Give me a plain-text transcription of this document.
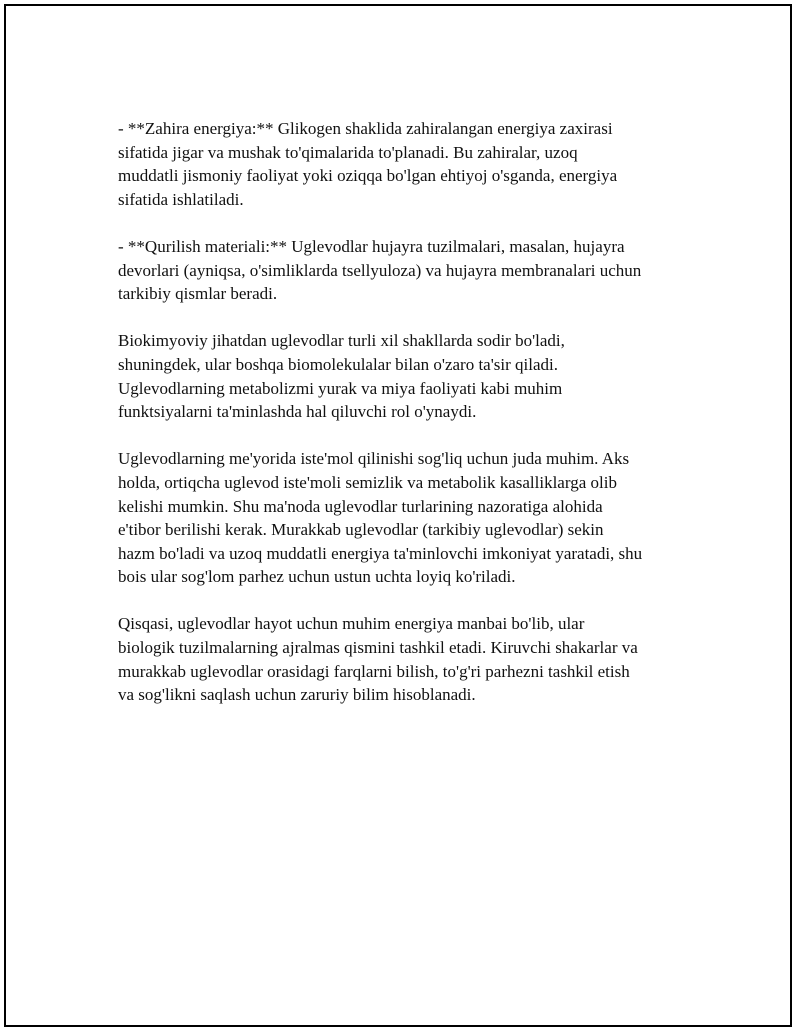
- **Zahira energiya:** Glikogen shaklida zahiralangan energiya zaxirasi
sifatida jigar va mushak to'qimalarida to'planadi. Bu zahiralar, uzoq
muddatli jismoniy faoliyat yoki oziqqa bo'lgan ehtiyoj o'sganda, energiya
sifatida ishlatiladi.

- **Qurilish materiali:** Uglevodlar hujayra tuzilmalari, masalan, hujayra
devorlari (ayniqsa, o'simliklarda tsellyuloza) va hujayra membranalari uchun
tarkibiy qismlar beradi.

Biokimyoviy jihatdan uglevodlar turli xil shakllarda sodir bo'ladi,
shuningdek, ular boshqa biomolekulalar bilan o'zaro ta'sir qiladi.
Uglevodlarning metabolizmi yurak va miya faoliyati kabi muhim
funktsiyalarni ta'minlashda hal qiluvchi rol o'ynaydi.

Uglevodlarning me'yorida iste'mol qilinishi sog'liq uchun juda muhim. Aks
holda, ortiqcha uglevod iste'moli semizlik va metabolik kasalliklarga olib
kelishi mumkin. Shu ma'noda uglevodlar turlarining nazoratiga alohida
e'tibor berilishi kerak. Murakkab uglevodlar (tarkibiy uglevodlar) sekin
hazm bo'ladi va uzoq muddatli energiya ta'minlovchi imkoniyat yaratadi, shu
bois ular sog'lom parhez uchun ustun uchta loyiq ko'riladi.

Qisqasi, uglevodlar hayot uchun muhim energiya manbai bo'lib, ular
biologik tuzilmalarning ajralmas qismini tashkil etadi. Kiruvchi shakarlar va
murakkab uglevodlar orasidagi farqlarni bilish, to'g'ri parhezni tashkil etish
va sog'likni saqlash uchun zaruriy bilim hisoblanadi.
